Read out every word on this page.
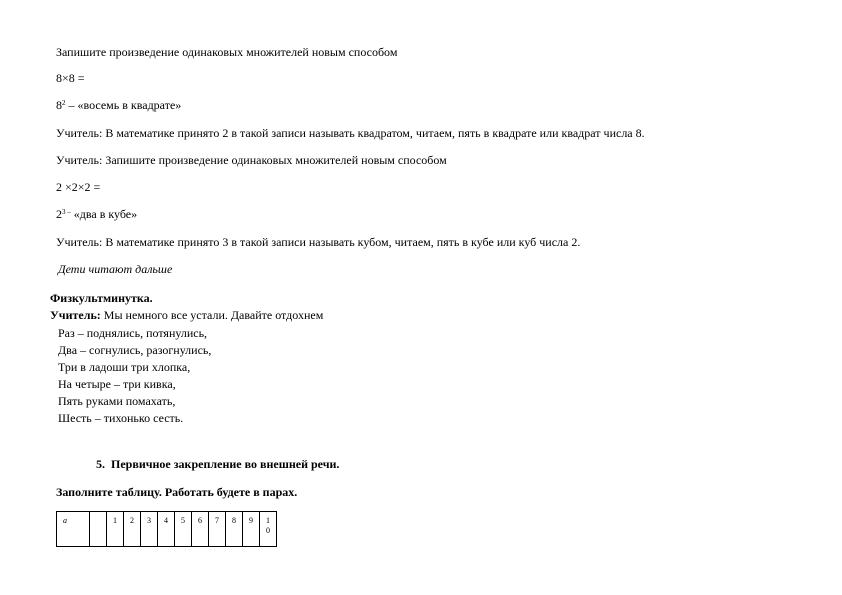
Запишите произведение одинаковых множителей новым способом
8×8 =
$8^2$ – «восемь в квадрате»
Учитель: В математике принято 2 в такой записи называть квадратом, читаем, пять в квадрате или квадрат числа 8.
Учитель: Запишите произведение одинаковых множителей новым способом
2 ×2×2 =
$2^{3 -}$ «два в кубе»
Учитель: В математике принято 3 в такой записи называть кубом, читаем, пять в кубе или куб числа 2.
Дети читают дальше
Физкультминутка.
Учитель: Мы немного все устали. Давайте отдохнем
Раз – поднялись, потянулись,
Два – согнулись, разогнулись,
Три в ладоши три хлопка,
На четыре – три кивка,
Пять руками помахать,
Шесть – тихонько сесть.
5. Первичное закрепление во внешней речи.
Заполните таблицу. Работать будете в парах.
a		1	2	3	4	5	6	7	8	9	1
0
